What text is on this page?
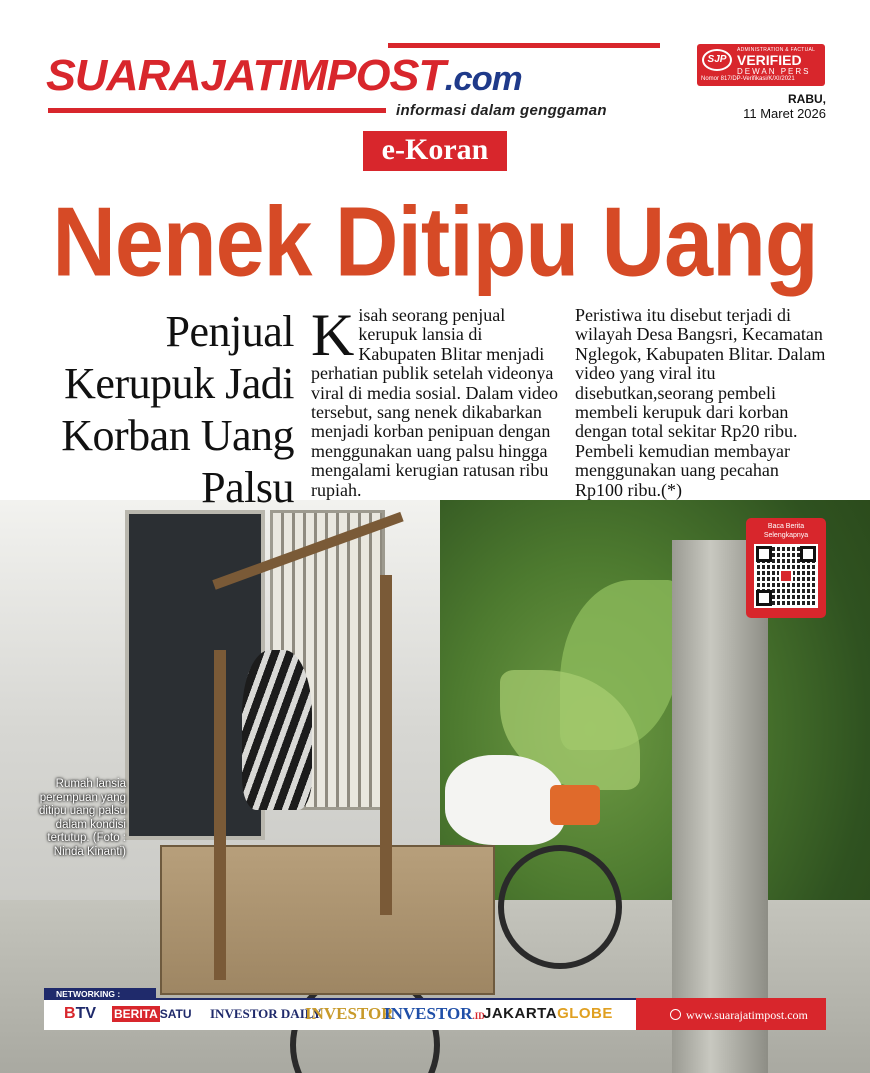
SUARAJATIMPOST.com
informasi dalam genggaman
SJP
ADMINISTRATION & FACTUAL
VERIFIED
DEWAN PERS
Nomor 817/DP-Verifikasi/K/XI/2021
RABU,
11 Maret 2026
e-Koran
Nenek Ditipu Uang
Penjual Kerupuk Jadi Korban Uang Palsu
Kisah seorang penjual kerupuk lansia di Kabupaten Blitar menjadi perhatian publik setelah videonya viral di media sosial. Dalam video tersebut, sang nenek dikabarkan menjadi korban penipuan dengan menggunakan uang palsu hingga mengalami kerugian ratusan ribu rupiah.
Peristiwa itu disebut terjadi di wilayah Desa Bangsri, Kecamatan Nglegok, Kabupaten Blitar. Dalam video yang viral itu disebutkan,seorang pembeli membeli kerupuk dari korban dengan total sekitar Rp20 ribu. Pembeli kemudian membayar menggunakan uang pecahan Rp100 ribu.(*)
Baca Berita Selengkapnya
Rumah lansia perempuan yang ditipu uang palsu dalam kondisi tertutup. (Foto : Ninda Kinanti)
NETWORKING :
BTV BERITA SATU INVESTOR DAILY
INVESTOR
INVESTOR.ID
JAKARTAGLOBE	www.suarajatimpost.com
